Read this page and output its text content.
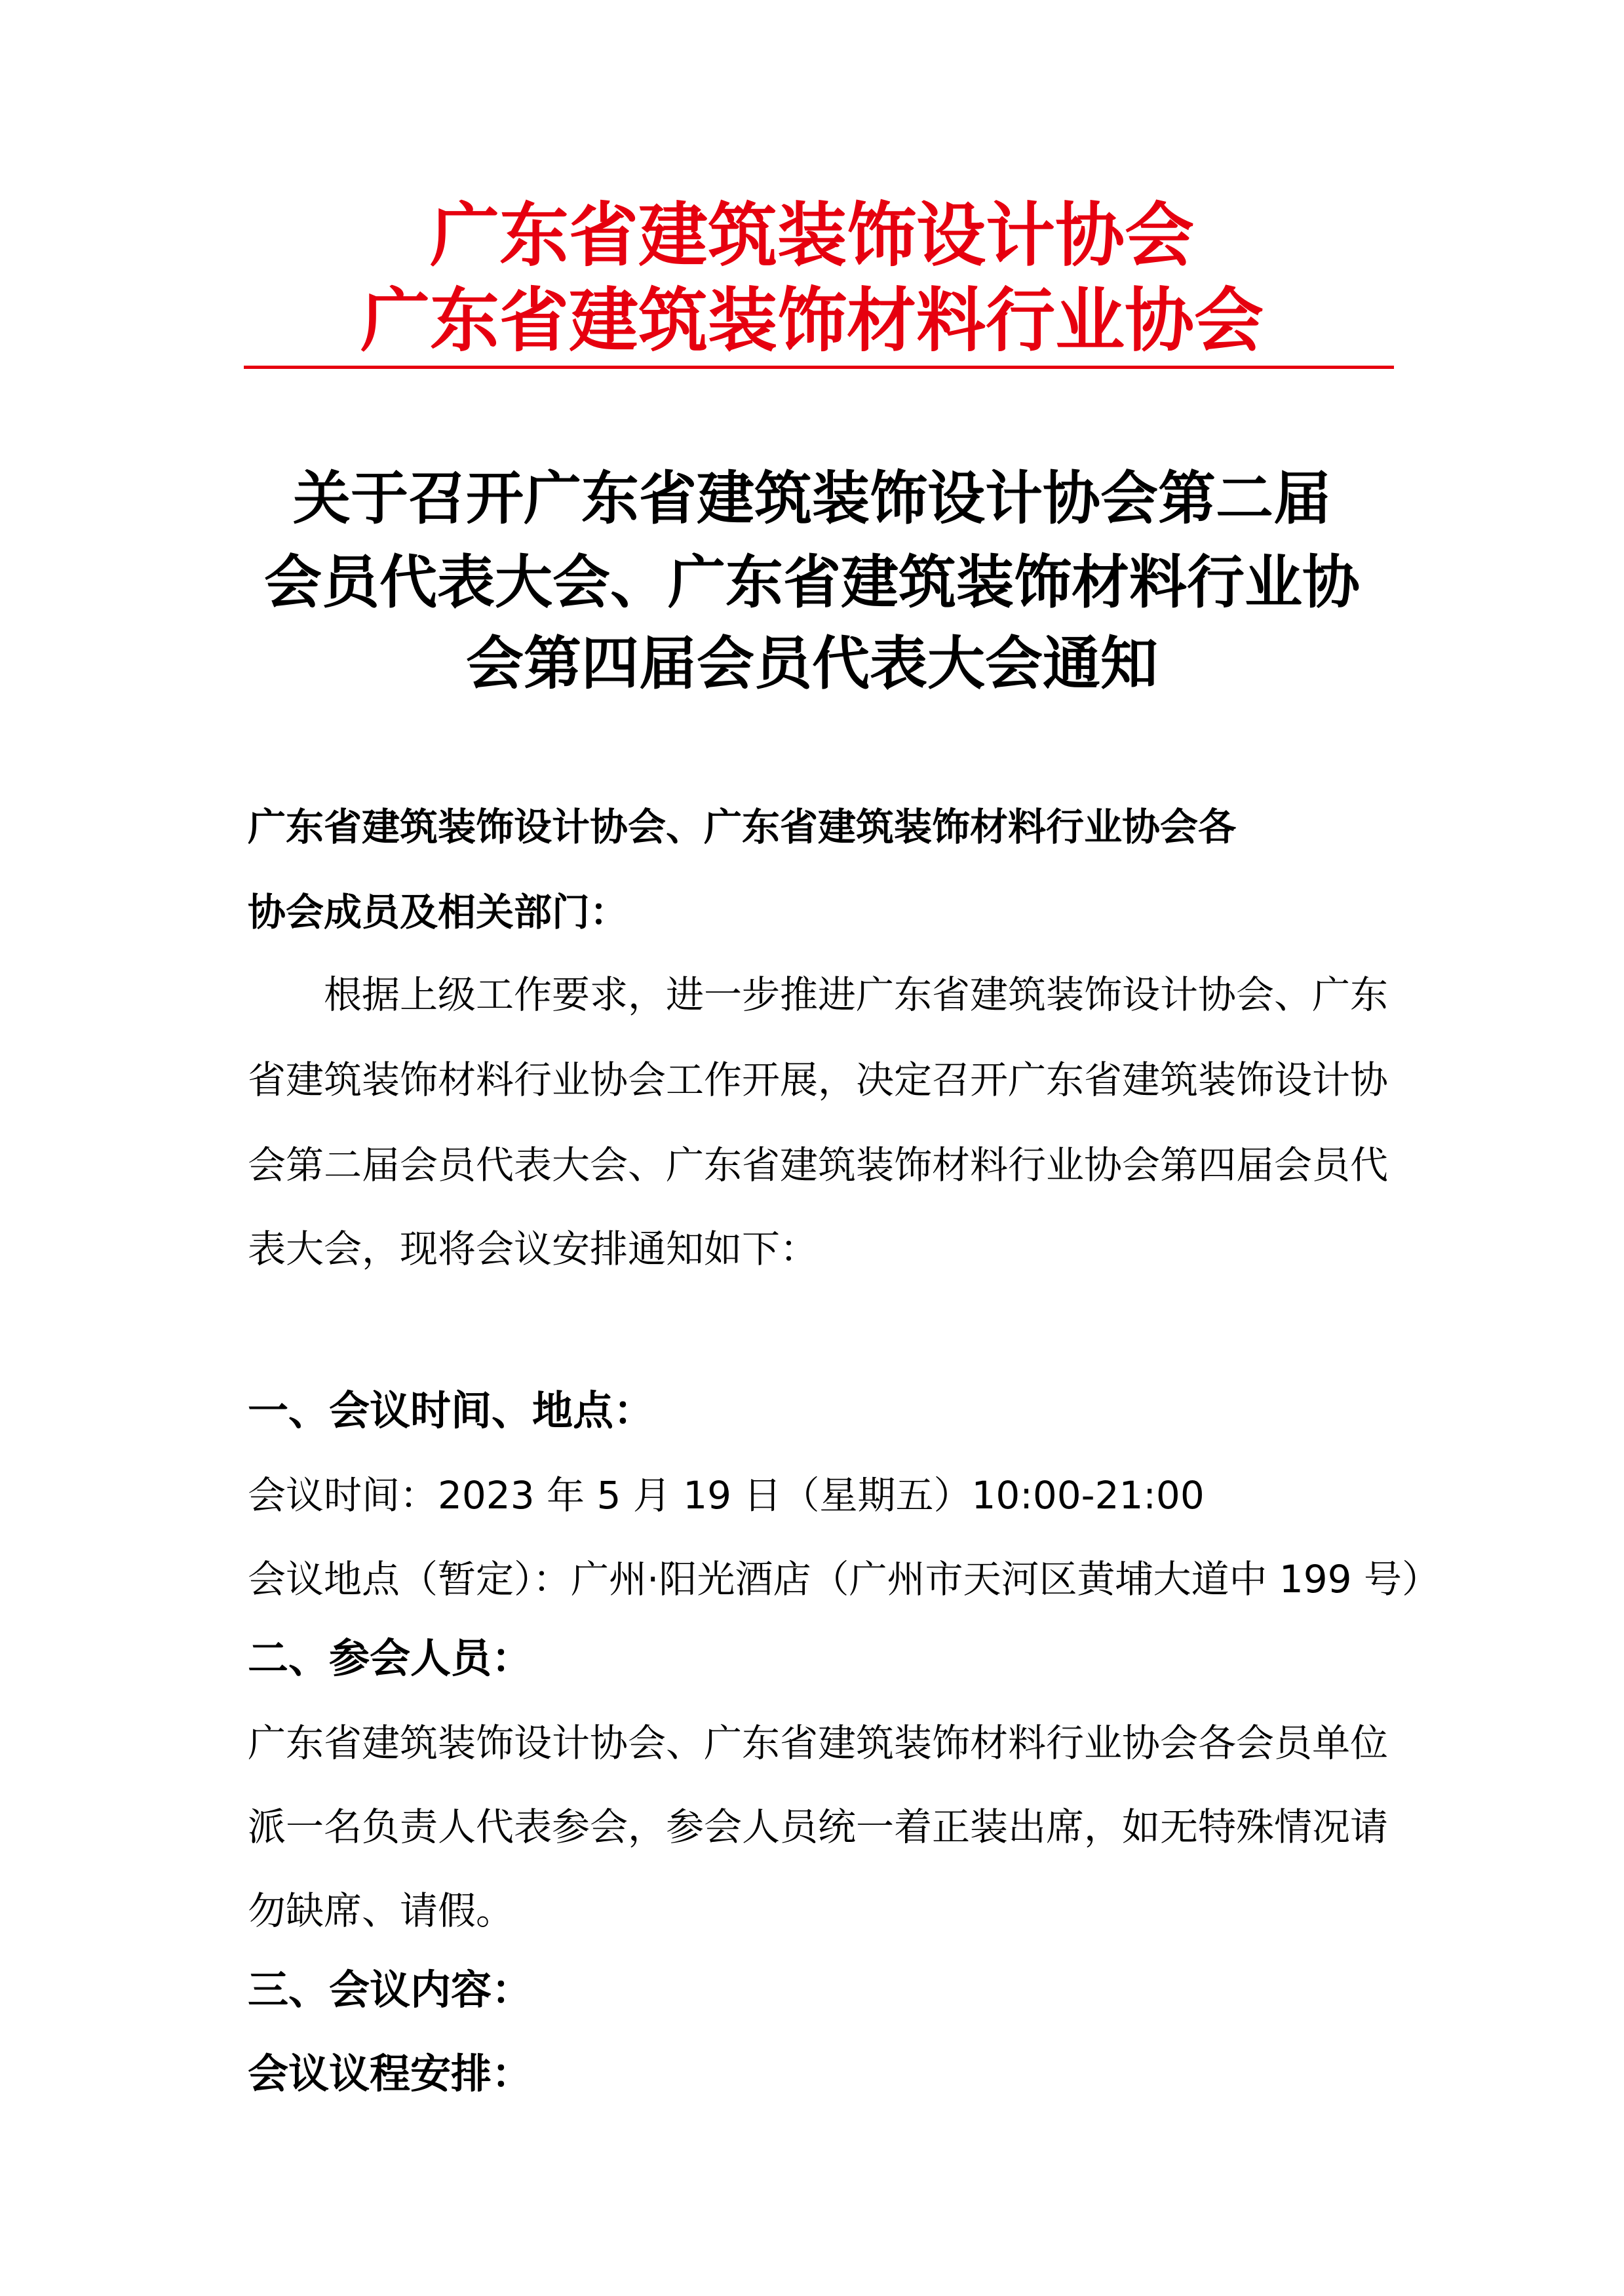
广东省建筑装饰设计协会
广东省建筑装饰材料行业协会
关于召开广东省建筑装饰设计协会第二届
会员代表大会、广东省建筑装饰材料行业协
会第四届会员代表大会通知
广东省建筑装饰设计协会、广东省建筑装饰材料行业协会各
协会成员及相关部门：
根据上级工作要求，进一步推进广东省建筑装饰设计协会、广东
省建筑装饰材料行业协会工作开展，决定召开广东省建筑装饰设计协
会第二届会员代表大会、广东省建筑装饰材料行业协会第四届会员代
表大会，现将会议安排通知如下：
一、会议时间、地点：
会议时间：2023 年 5 月 19 日（星期五）10:00-21:00
会议地点（暂定）：广州·阳光酒店（广州市天河区黄埔大道中 199 号）
二、参会人员：
广东省建筑装饰设计协会、广东省建筑装饰材料行业协会各会员单位
派一名负责人代表参会，参会人员统一着正装出席，如无特殊情况请
勿缺席、请假。
三、会议内容：
会议议程安排：
